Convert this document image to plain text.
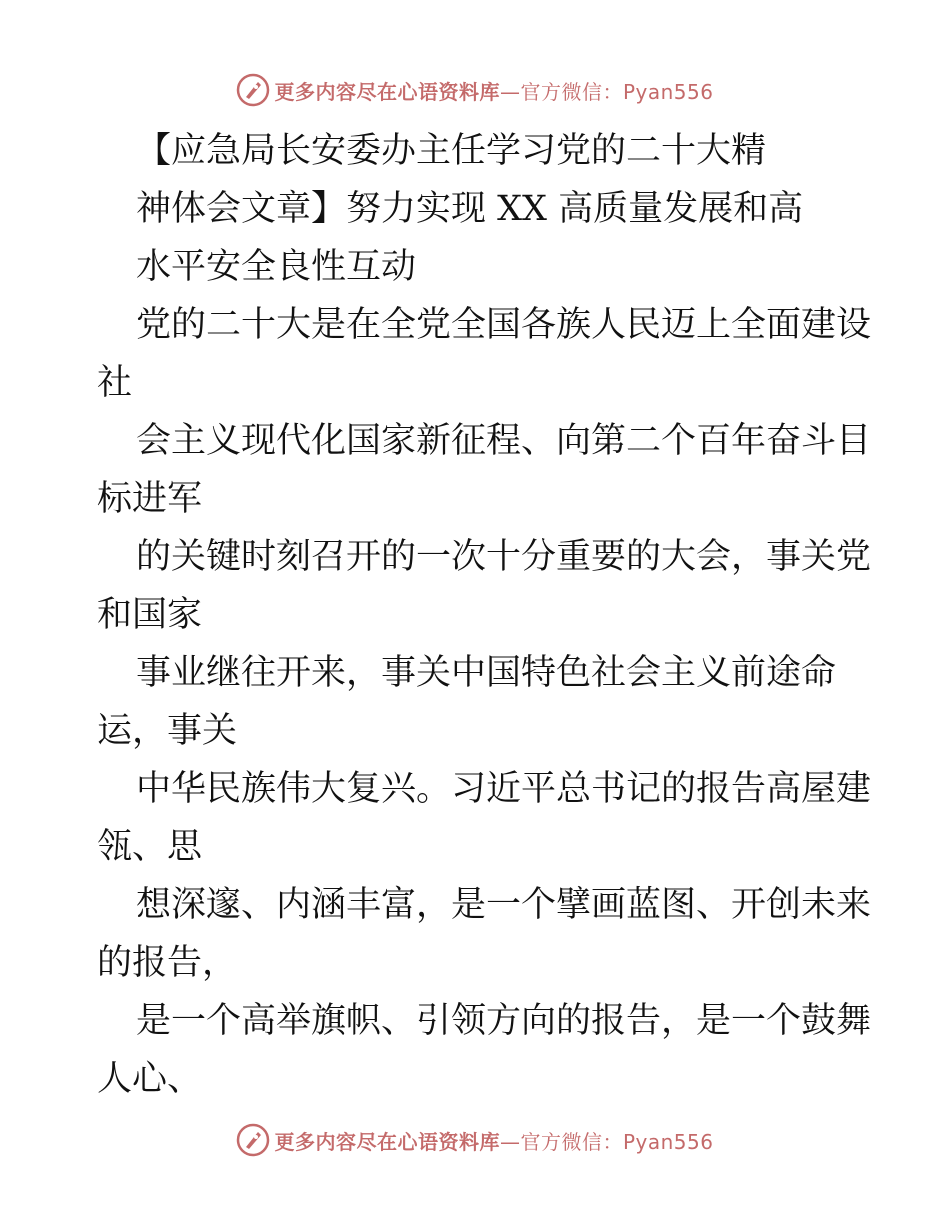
更多内容尽在心语资料库—官方微信：Pyan556
【应急局长安委办主任学习党的二十大精
神体会文章】努力实现 XX 高质量发展和高
水平安全良性互动
党的二十大是在全党全国各族人民迈上全面建设
社
会主义现代化国家新征程、向第二个百年奋斗目
标进军
的关键时刻召开的一次十分重要的大会，事关党
和国家
事业继往开来，事关中国特色社会主义前途命
运，事关
中华民族伟大复兴。习近平总书记的报告高屋建
瓴、思
想深邃、内涵丰富，是一个擘画蓝图、开创未来
的报告，
是一个高举旗帜、引领方向的报告，是一个鼓舞
人心、
更多内容尽在心语资料库—官方微信：Pyan556
